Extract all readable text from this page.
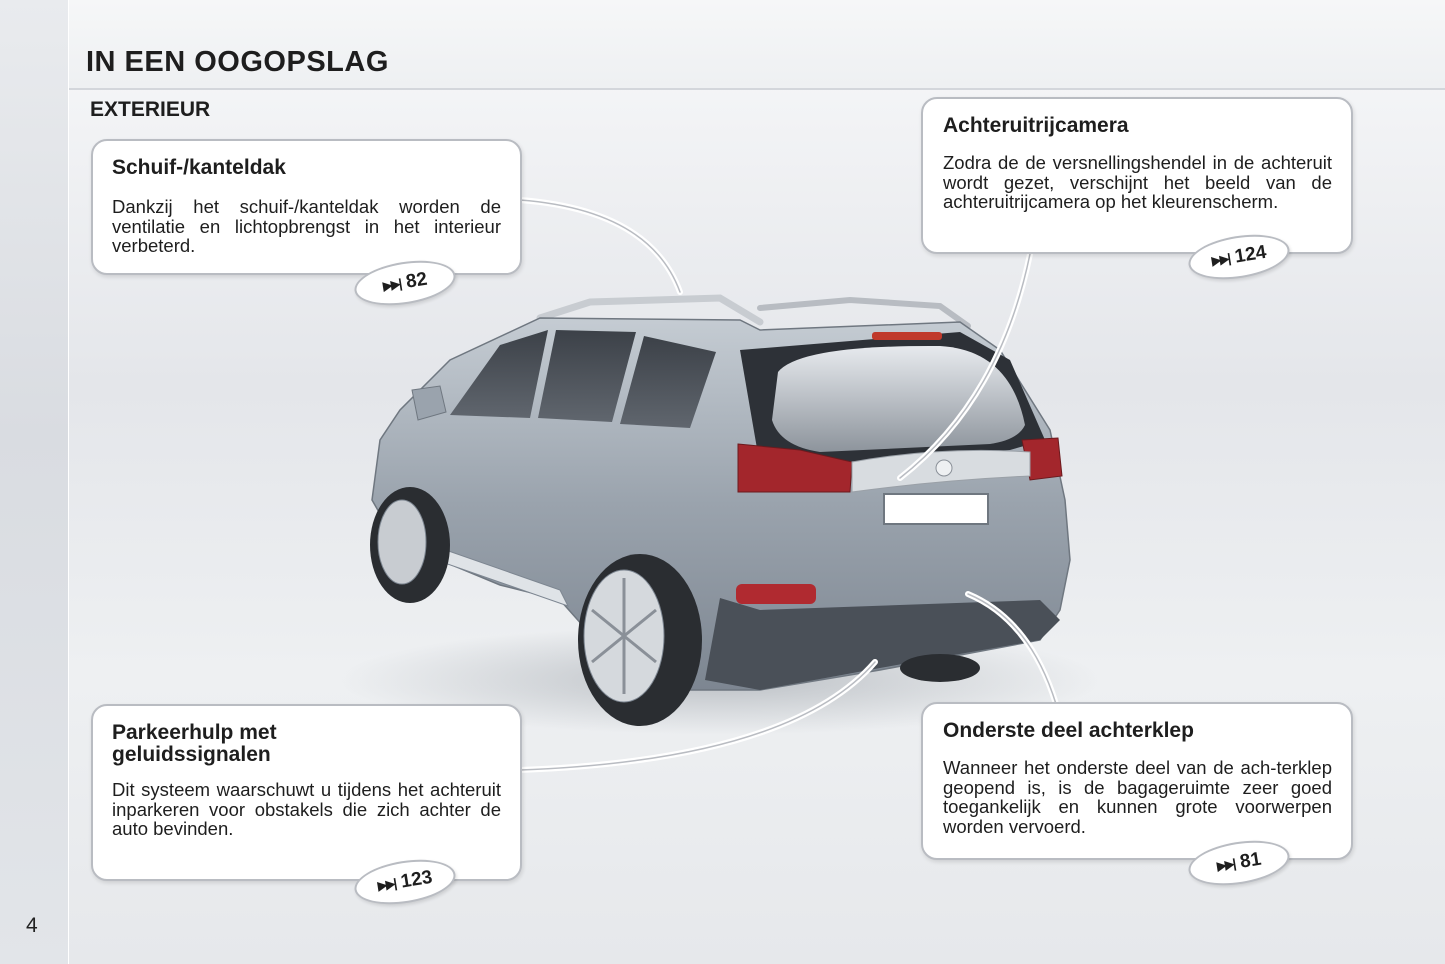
IN EEN OOGOPSLAG
EXTERIEUR
Schuif-/kanteldak

Dankzij het schuif-/kanteldak worden de ventilatie en lichtopbrengst in het interieur verbeterd.

▶▶| 82
Achteruitrijcamera

Zodra de de versnellingshendel in de achteruit wordt gezet, verschijnt het beeld van de achteruitrijcamera op het kleurenscherm.

▶▶| 124
Parkeerhulp met
geluidssignalen

Dit systeem waarschuwt u tijdens het achteruit inparkeren voor obstakels die zich achter de auto bevinden.

▶▶| 123
Onderste deel achterklep

Wanneer het onderste deel van de ach-terklep geopend is, is de bagageruimte zeer goed toegankelijk en kunnen grote voorwerpen worden vervoerd.

▶▶| 81
4
